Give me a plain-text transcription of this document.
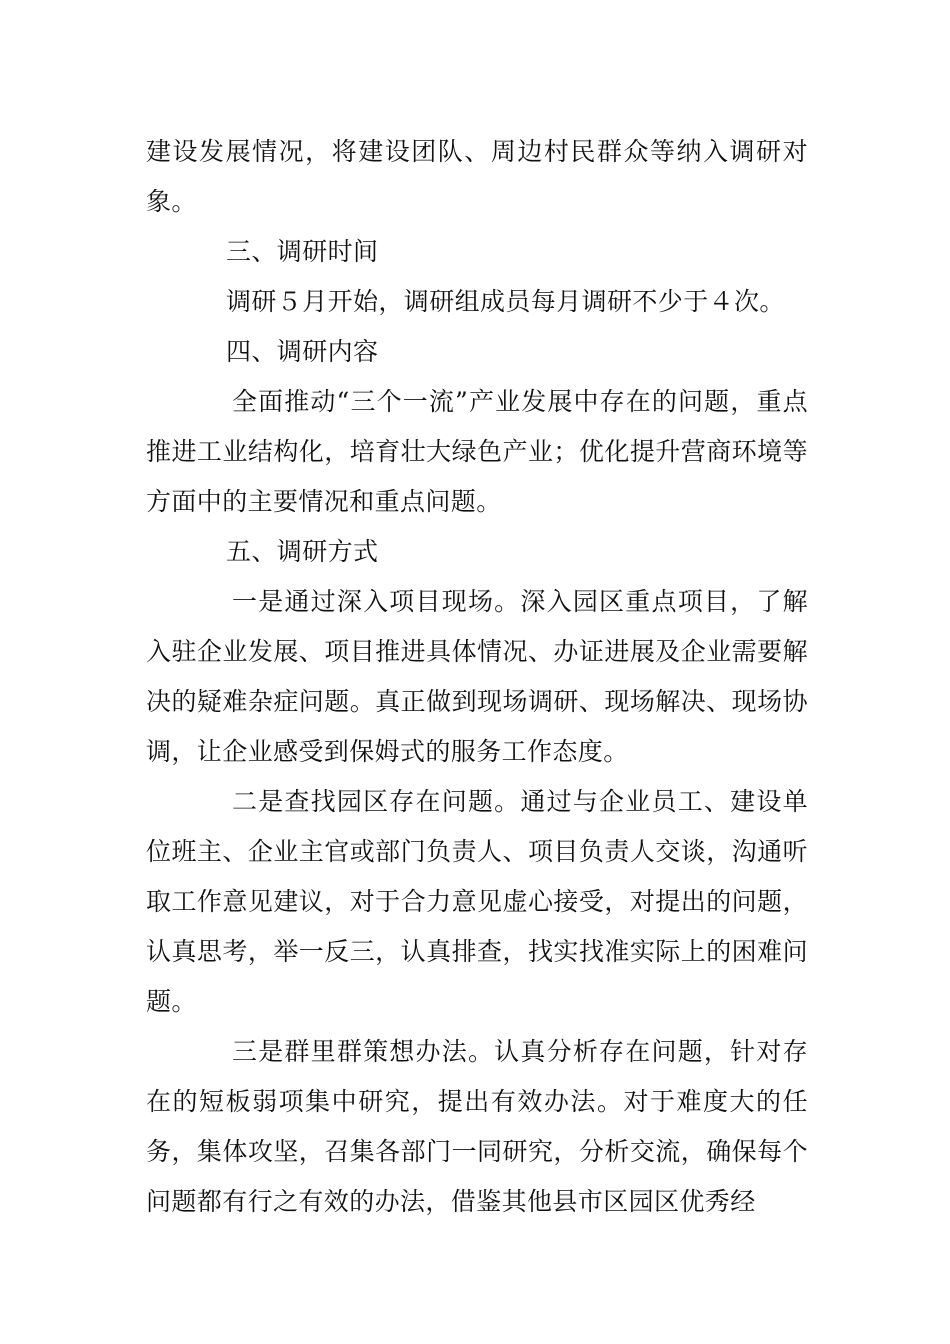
建设发展情况，将建设团队、周边村民群众等纳入调研对象。

三、调研时间

调研５月开始，调研组成员每月调研不少于４次。

四、调研内容

全面推动“三个一流”产业发展中存在的问题，重点推进工业结构化，培育壮大绿色产业；优化提升营商环境等方面中的主要情况和重点问题。

五、调研方式

一是通过深入项目现场。深入园区重点项目，了解入驻企业发展、项目推进具体情况、办证进展及企业需要解决的疑难杂症问题。真正做到现场调研、现场解决、现场协调，让企业感受到保姆式的服务工作态度。

二是查找园区存在问题。通过与企业员工、建设单位班主、企业主官或部门负责人、项目负责人交谈，沟通听取工作意见建议，对于合力意见虚心接受，对提出的问题，认真思考，举一反三，认真排查，找实找准实际上的困难问题。

三是群里群策想办法。认真分析存在问题，针对存在的短板弱项集中研究，提出有效办法。对于难度大的任务，集体攻坚，召集各部门一同研究，分析交流，确保每个问题都有行之有效的办法，借鉴其他县市区园区优秀经
